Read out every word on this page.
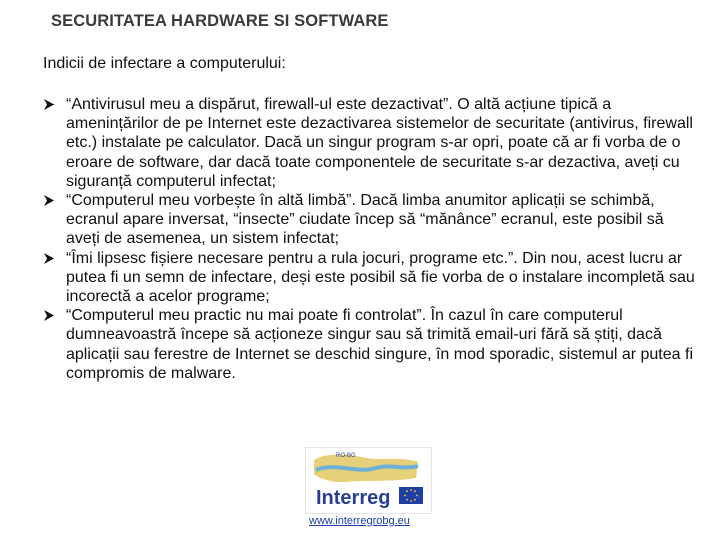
SECURITATEA HARDWARE SI SOFTWARE
Indicii de infectare a computerului:
“Antivirusul meu a dispărut, firewall-ul este dezactivat”. O altă acțiune tipică a amenințărilor de pe Internet este dezactivarea sistemelor de securitate (antivirus, firewall etc.) instalate pe calculator. Dacă un singur program s-ar opri, poate că ar fi vorba de o eroare de software, dar dacă toate componentele de securitate s-ar dezactiva, aveți cu siguranță computerul infectat;
“Computerul meu vorbește în altă limbă”. Dacă limba anumitor aplicații se schimbă, ecranul apare inversat, “insecte” ciudate încep să “mănânce” ecranul, este posibil să aveți de asemenea, un sistem infectat;
“Îmi lipsesc fișiere necesare pentru a rula jocuri, programe etc.”. Din nou, acest lucru ar putea fi un semn de infectare, deși este posibil să fie vorba de o instalare incompletă sau incorectă a acelor programe;
“Computerul meu practic nu mai poate fi controlat”. În cazul în care computerul dumneavoastră începe să acționeze singur sau să trimită email-uri fără să știți, dacă aplicații sau ferestre de Internet se deschid singure, în mod sporadic, sistemul ar putea fi compromis de malware.
RO-BG
Interreg
www.interregrobg.eu
